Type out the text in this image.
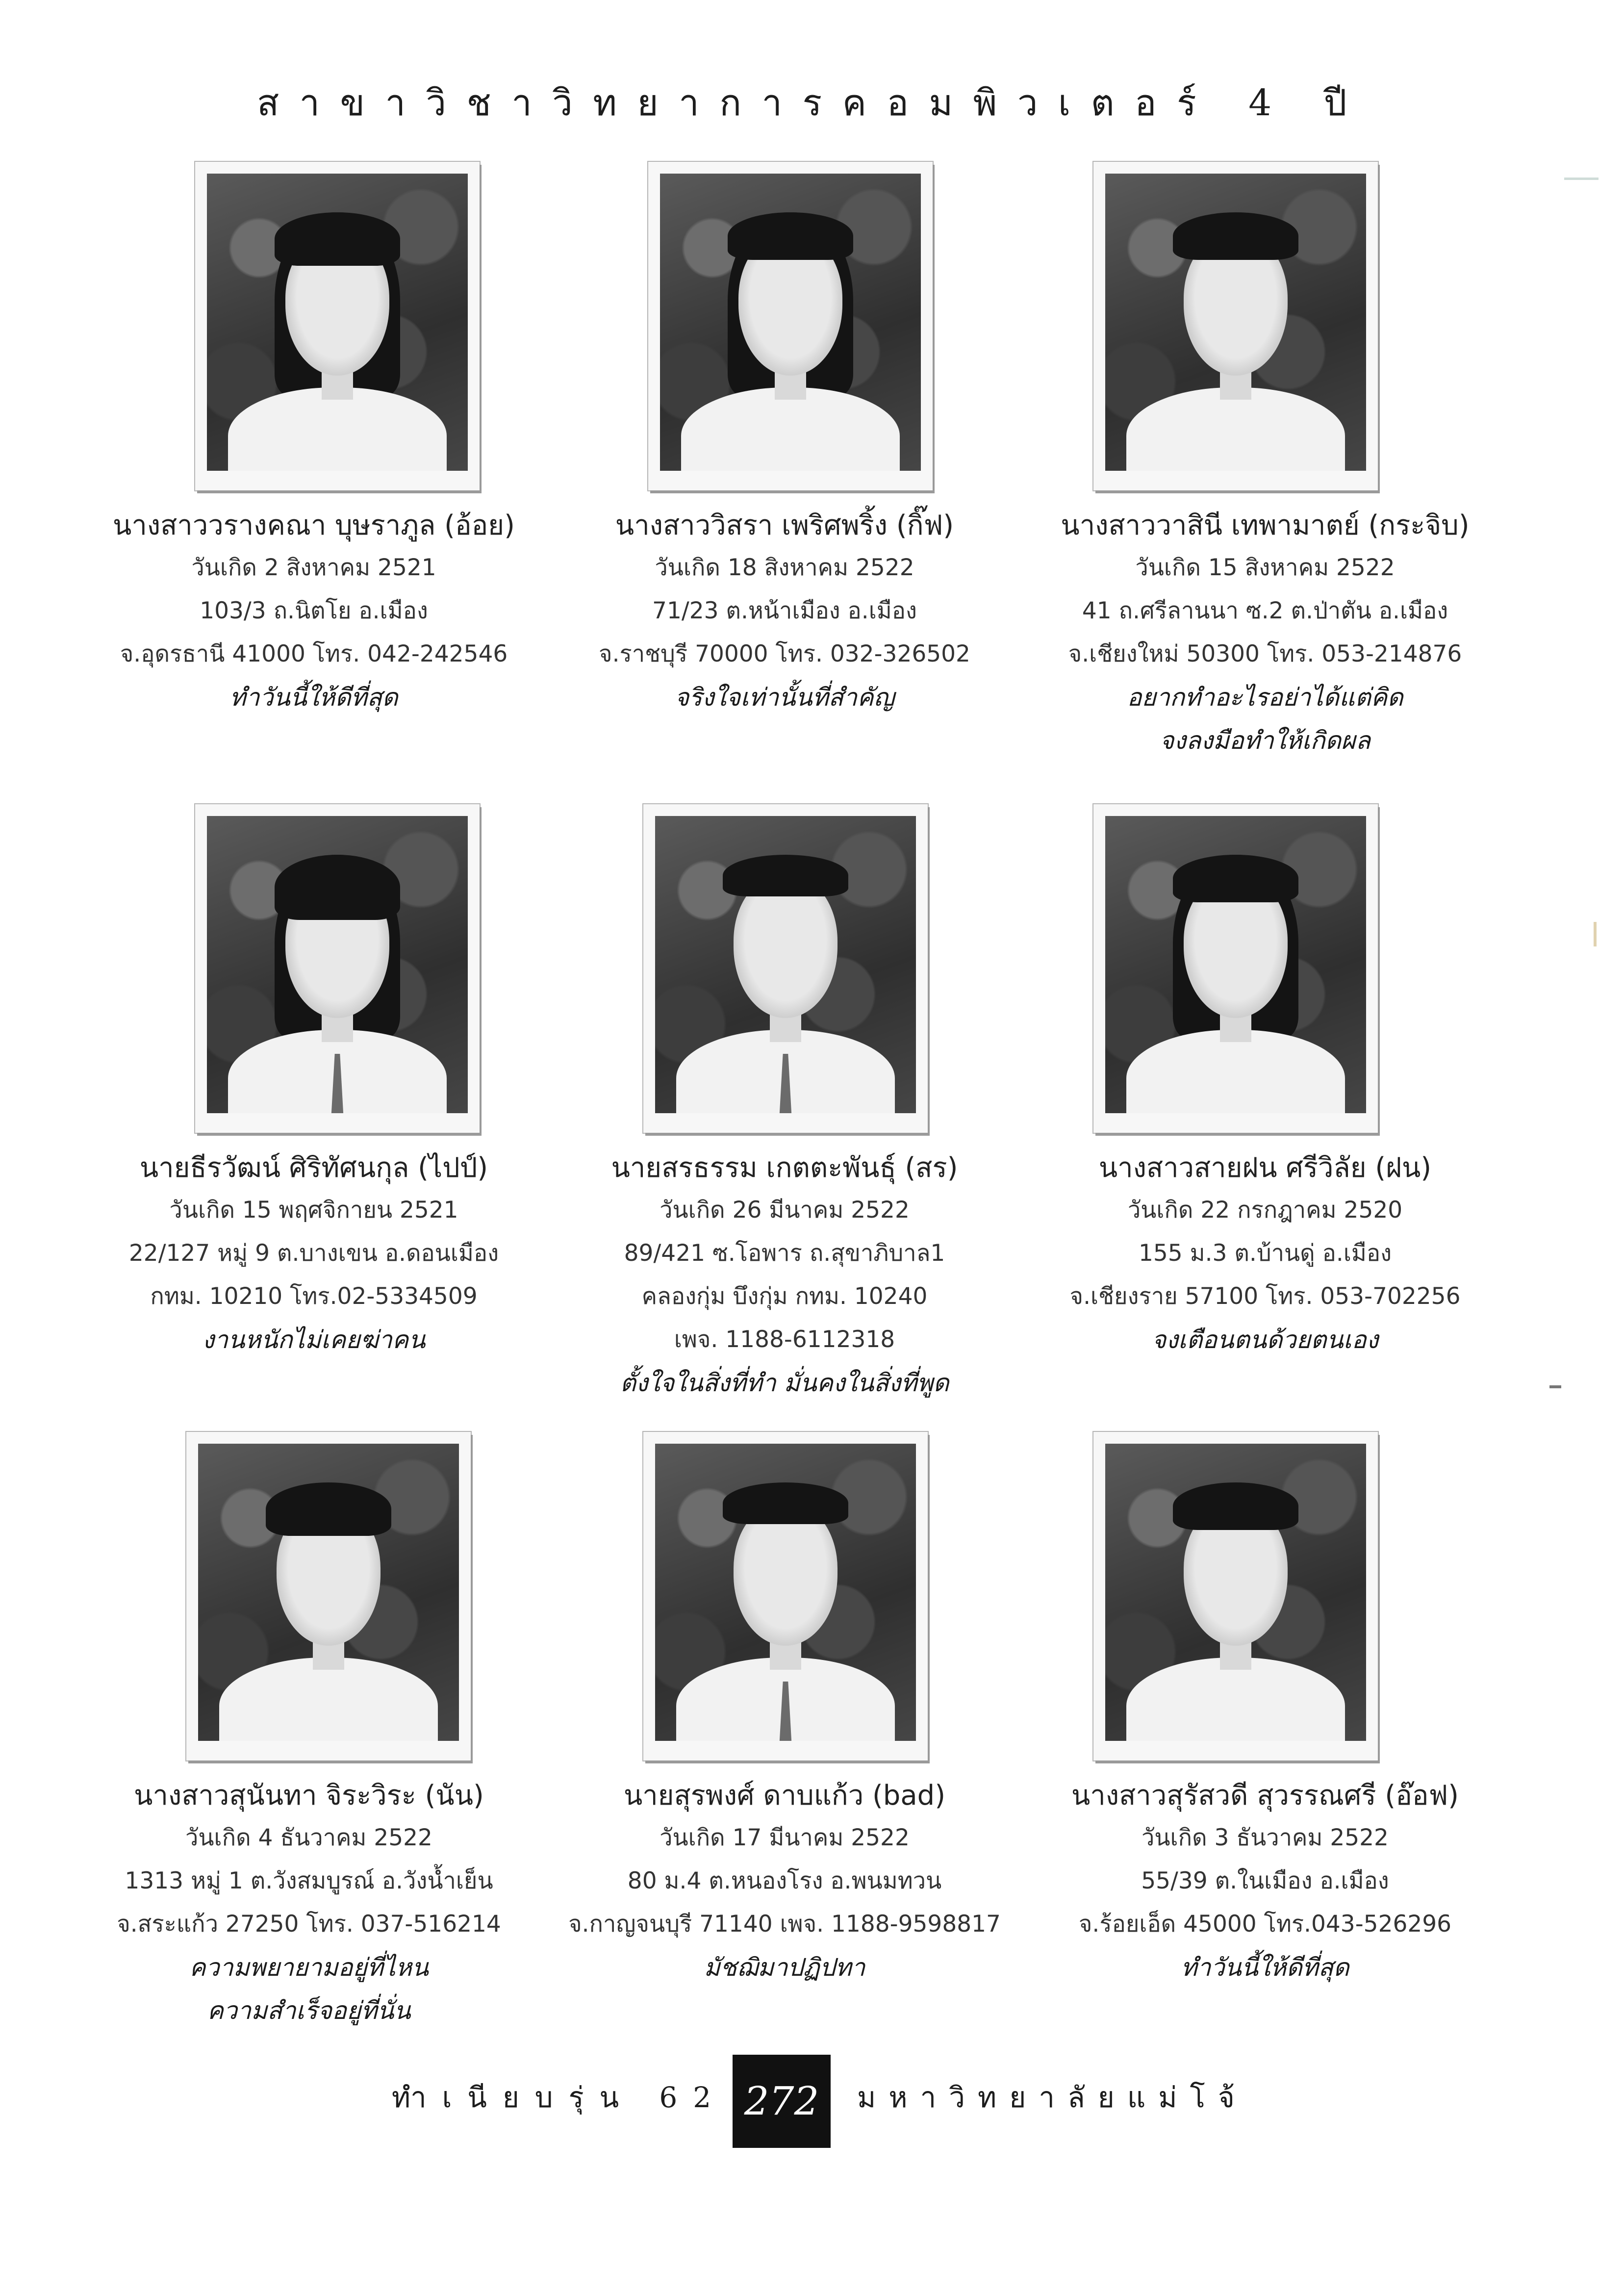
สาขาวิชาวิทยาการคอมพิวเตอร์ 4 ปี
นางสาววรางคณา บุษราภูล (อ้อย)
วันเกิด 2 สิงหาคม 2521
103/3 ถ.นิตโย อ.เมือง
จ.อุดรธานี 41000 โทร. 042-242546
ทำวันนี้ให้ดีที่สุด
นางสาววิสรา เพริศพริ้ง (กิ๊ฟ)
วันเกิด 18 สิงหาคม 2522
71/23 ต.หน้าเมือง อ.เมือง
จ.ราชบุรี 70000 โทร. 032-326502
จริงใจเท่านั้นที่สำคัญ
นางสาววาสินี เทพามาตย์ (กระจิบ)
วันเกิด 15 สิงหาคม 2522
41 ถ.ศรีลานนา ซ.2 ต.ป่าตัน อ.เมือง
จ.เชียงใหม่ 50300 โทร. 053-214876
อยากทำอะไรอย่าได้แต่คิด
จงลงมือทำให้เกิดผล
นายธีรวัฒน์ ศิริทัศนกุล (ไปป์)
วันเกิด 15 พฤศจิกายน 2521
22/127 หมู่ 9 ต.บางเขน อ.ดอนเมือง
กทม. 10210 โทร.02-5334509
งานหนักไม่เคยฆ่าคน
นายสรธรรม เกตตะพันธุ์ (สร)
วันเกิด 26 มีนาคม 2522
89/421 ซ.โอพาร ถ.สุขาภิบาล1
คลองกุ่ม บึงกุ่ม กทม. 10240
เพจ. 1188-6112318
ตั้งใจในสิ่งที่ทำ มั่นคงในสิ่งที่พูด
นางสาวสายฝน ศรีวิลัย (ฝน)
วันเกิด 22 กรกฎาคม 2520
155 ม.3 ต.บ้านดู่ อ.เมือง
จ.เชียงราย 57100 โทร. 053-702256
จงเตือนตนด้วยตนเอง
นางสาวสุนันทา จิระวิระ (นัน)
วันเกิด 4 ธันวาคม 2522
1313 หมู่ 1 ต.วังสมบูรณ์ อ.วังน้ำเย็น
จ.สระแก้ว 27250 โทร. 037-516214
ความพยายามอยู่ที่ไหน
ความสำเร็จอยู่ที่นั่น
นายสุรพงศ์ ดาบแก้ว (bad)
วันเกิด 17 มีนาคม 2522
80 ม.4 ต.หนองโรง อ.พนมทวน
จ.กาญจนบุรี 71140 เพจ. 1188-9598817
มัชฌิมาปฏิปทา
นางสาวสุรัสวดี สุวรรณศรี (อ๊อฟ)
วันเกิด 3 ธันวาคม 2522
55/39 ต.ในเมือง อ.เมือง
จ.ร้อยเอ็ด 45000 โทร.043-526296
ทำวันนี้ให้ดีที่สุด
ทำเนียบรุ่น 62 272	มหาวิทยาลัยแม่โจ้
